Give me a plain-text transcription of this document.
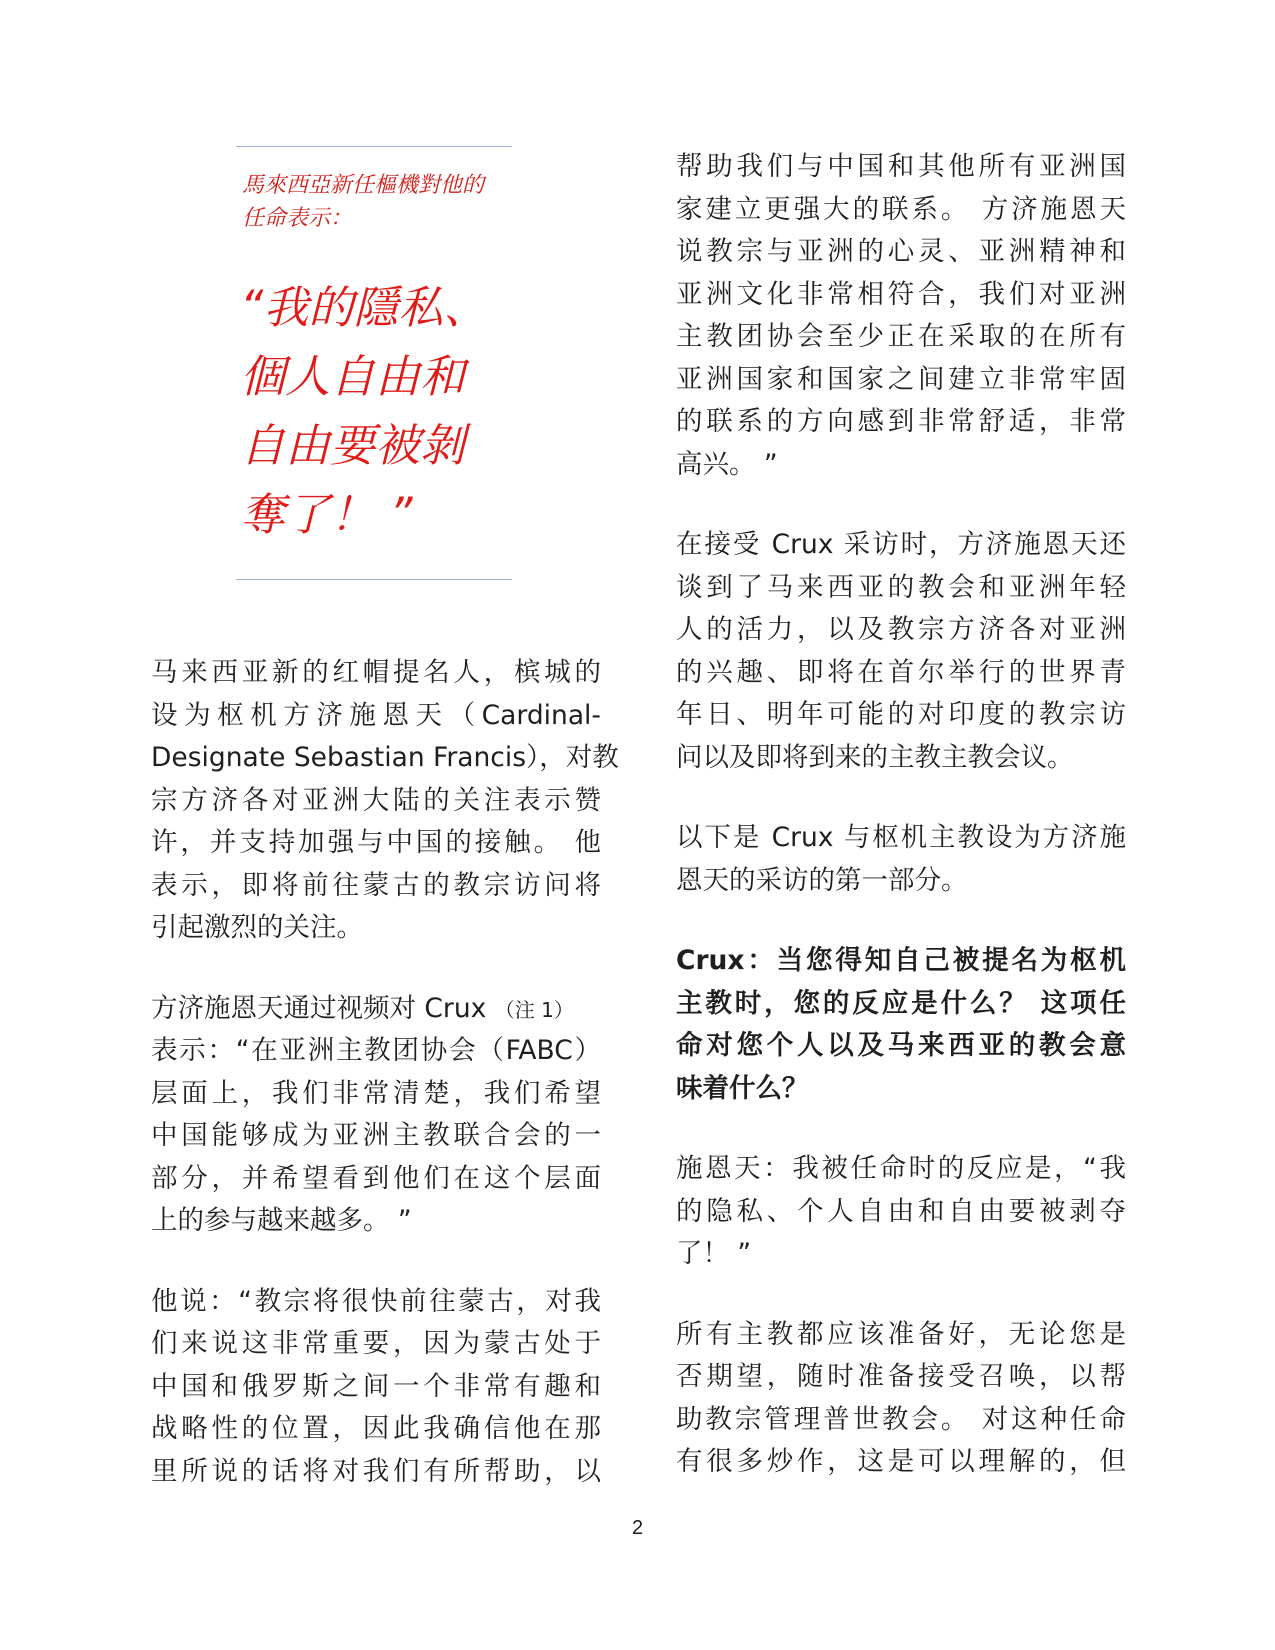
馬來西亞新任樞機對他的
任命表示：
“我的隱私、
個人自由和
自由要被剝
奪了！ ”
马来西亚新的红帽提名人，槟城的
设为枢机方济施恩天（Cardinal-
Designate Sebastian Francis），对教
宗方济各对亚洲大陆的关注表示赞
许，并支持加强与中国的接触。 他
表示，即将前往蒙古的教宗访问将
引起激烈的关注。
方济施恩天通过视频对 Crux （注 1）
表示：“在亚洲主教团协会（FABC）
层面上，我们非常清楚，我们希望
中国能够成为亚洲主教联合会的一
部分，并希望看到他们在这个层面
上的参与越来越多。 ”
他说：“教宗将很快前往蒙古，对我
们来说这非常重要，因为蒙古处于
中国和俄罗斯之间一个非常有趣和
战略性的位置，因此我确信他在那
里所说的话将对我们有所帮助，以
帮助我们与中国和其他所有亚洲国
家建立更强大的联系。 方济施恩天
说教宗与亚洲的心灵、亚洲精神和
亚洲文化非常相符合，我们对亚洲
主教团协会至少正在采取的在所有
亚洲国家和国家之间建立非常牢固
的联系的方向感到非常舒适，非常
高兴。 ”
在接受 Crux 采访时，方济施恩天还
谈到了马来西亚的教会和亚洲年轻
人的活力，以及教宗方济各对亚洲
的兴趣、即将在首尔举行的世界青
年日、明年可能的对印度的教宗访
问以及即将到来的主教主教会议。
以下是 Crux 与枢机主教设为方济施
恩天的采访的第一部分。
Crux：当您得知自己被提名为枢机
主教时，您的反应是什么？ 这项任
命对您个人以及马来西亚的教会意
味着什么？
施恩天：我被任命时的反应是，“我
的隐私、个人自由和自由要被剥夺
了！ ”
所有主教都应该准备好，无论您是
否期望，随时准备接受召唤，以帮
助教宗管理普世教会。 对这种任命
有很多炒作，这是可以理解的，但
2
